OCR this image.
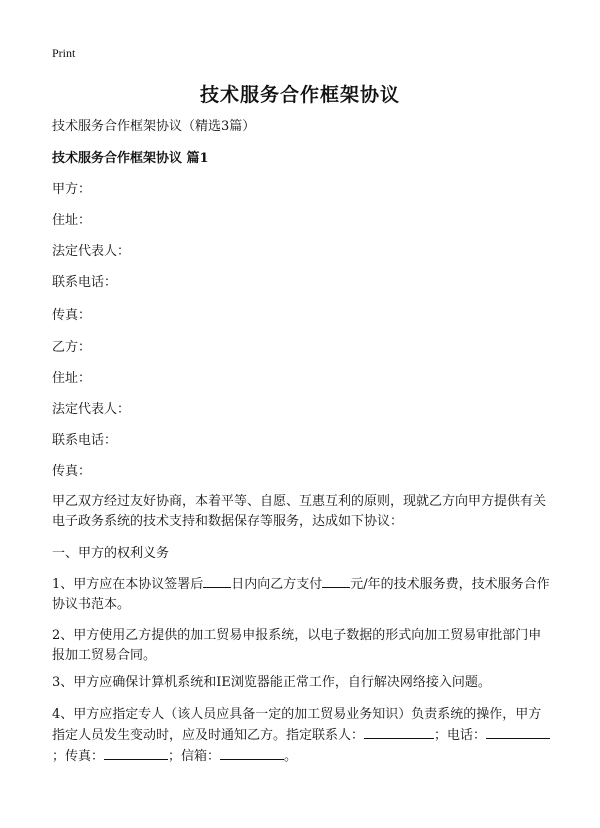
Print
技术服务合作框架协议
技术服务合作框架协议（精选3篇）
技术服务合作框架协议 篇1
甲方：
住址：
法定代表人：
联系电话：
传真：
乙方：
住址：
法定代表人：
联系电话：
传真：
甲乙双方经过友好协商，本着平等、自愿、互惠互利的原则，现就乙方向甲方提供有关电子政务系统的技术支持和数据保存等服务，达成如下协议：
一、甲方的权利义务
1、甲方应在本协议签署后 日内向乙方支付 元/年的技术服务费，技术服务合作协议书范本。
2、甲方使用乙方提供的加工贸易申报系统，以电子数据的形式向加工贸易审批部门申报加工贸易合同。
3、甲方应确保计算机系统和IE浏览器能正常工作，自行解决网络接入问题。
4、甲方应指定专人（该人员应具备一定的加工贸易业务知识）负责系统的操作，甲方指定人员发生变动时，应及时通知乙方。指定联系人：	；电话：；传真：	；信箱：	。
